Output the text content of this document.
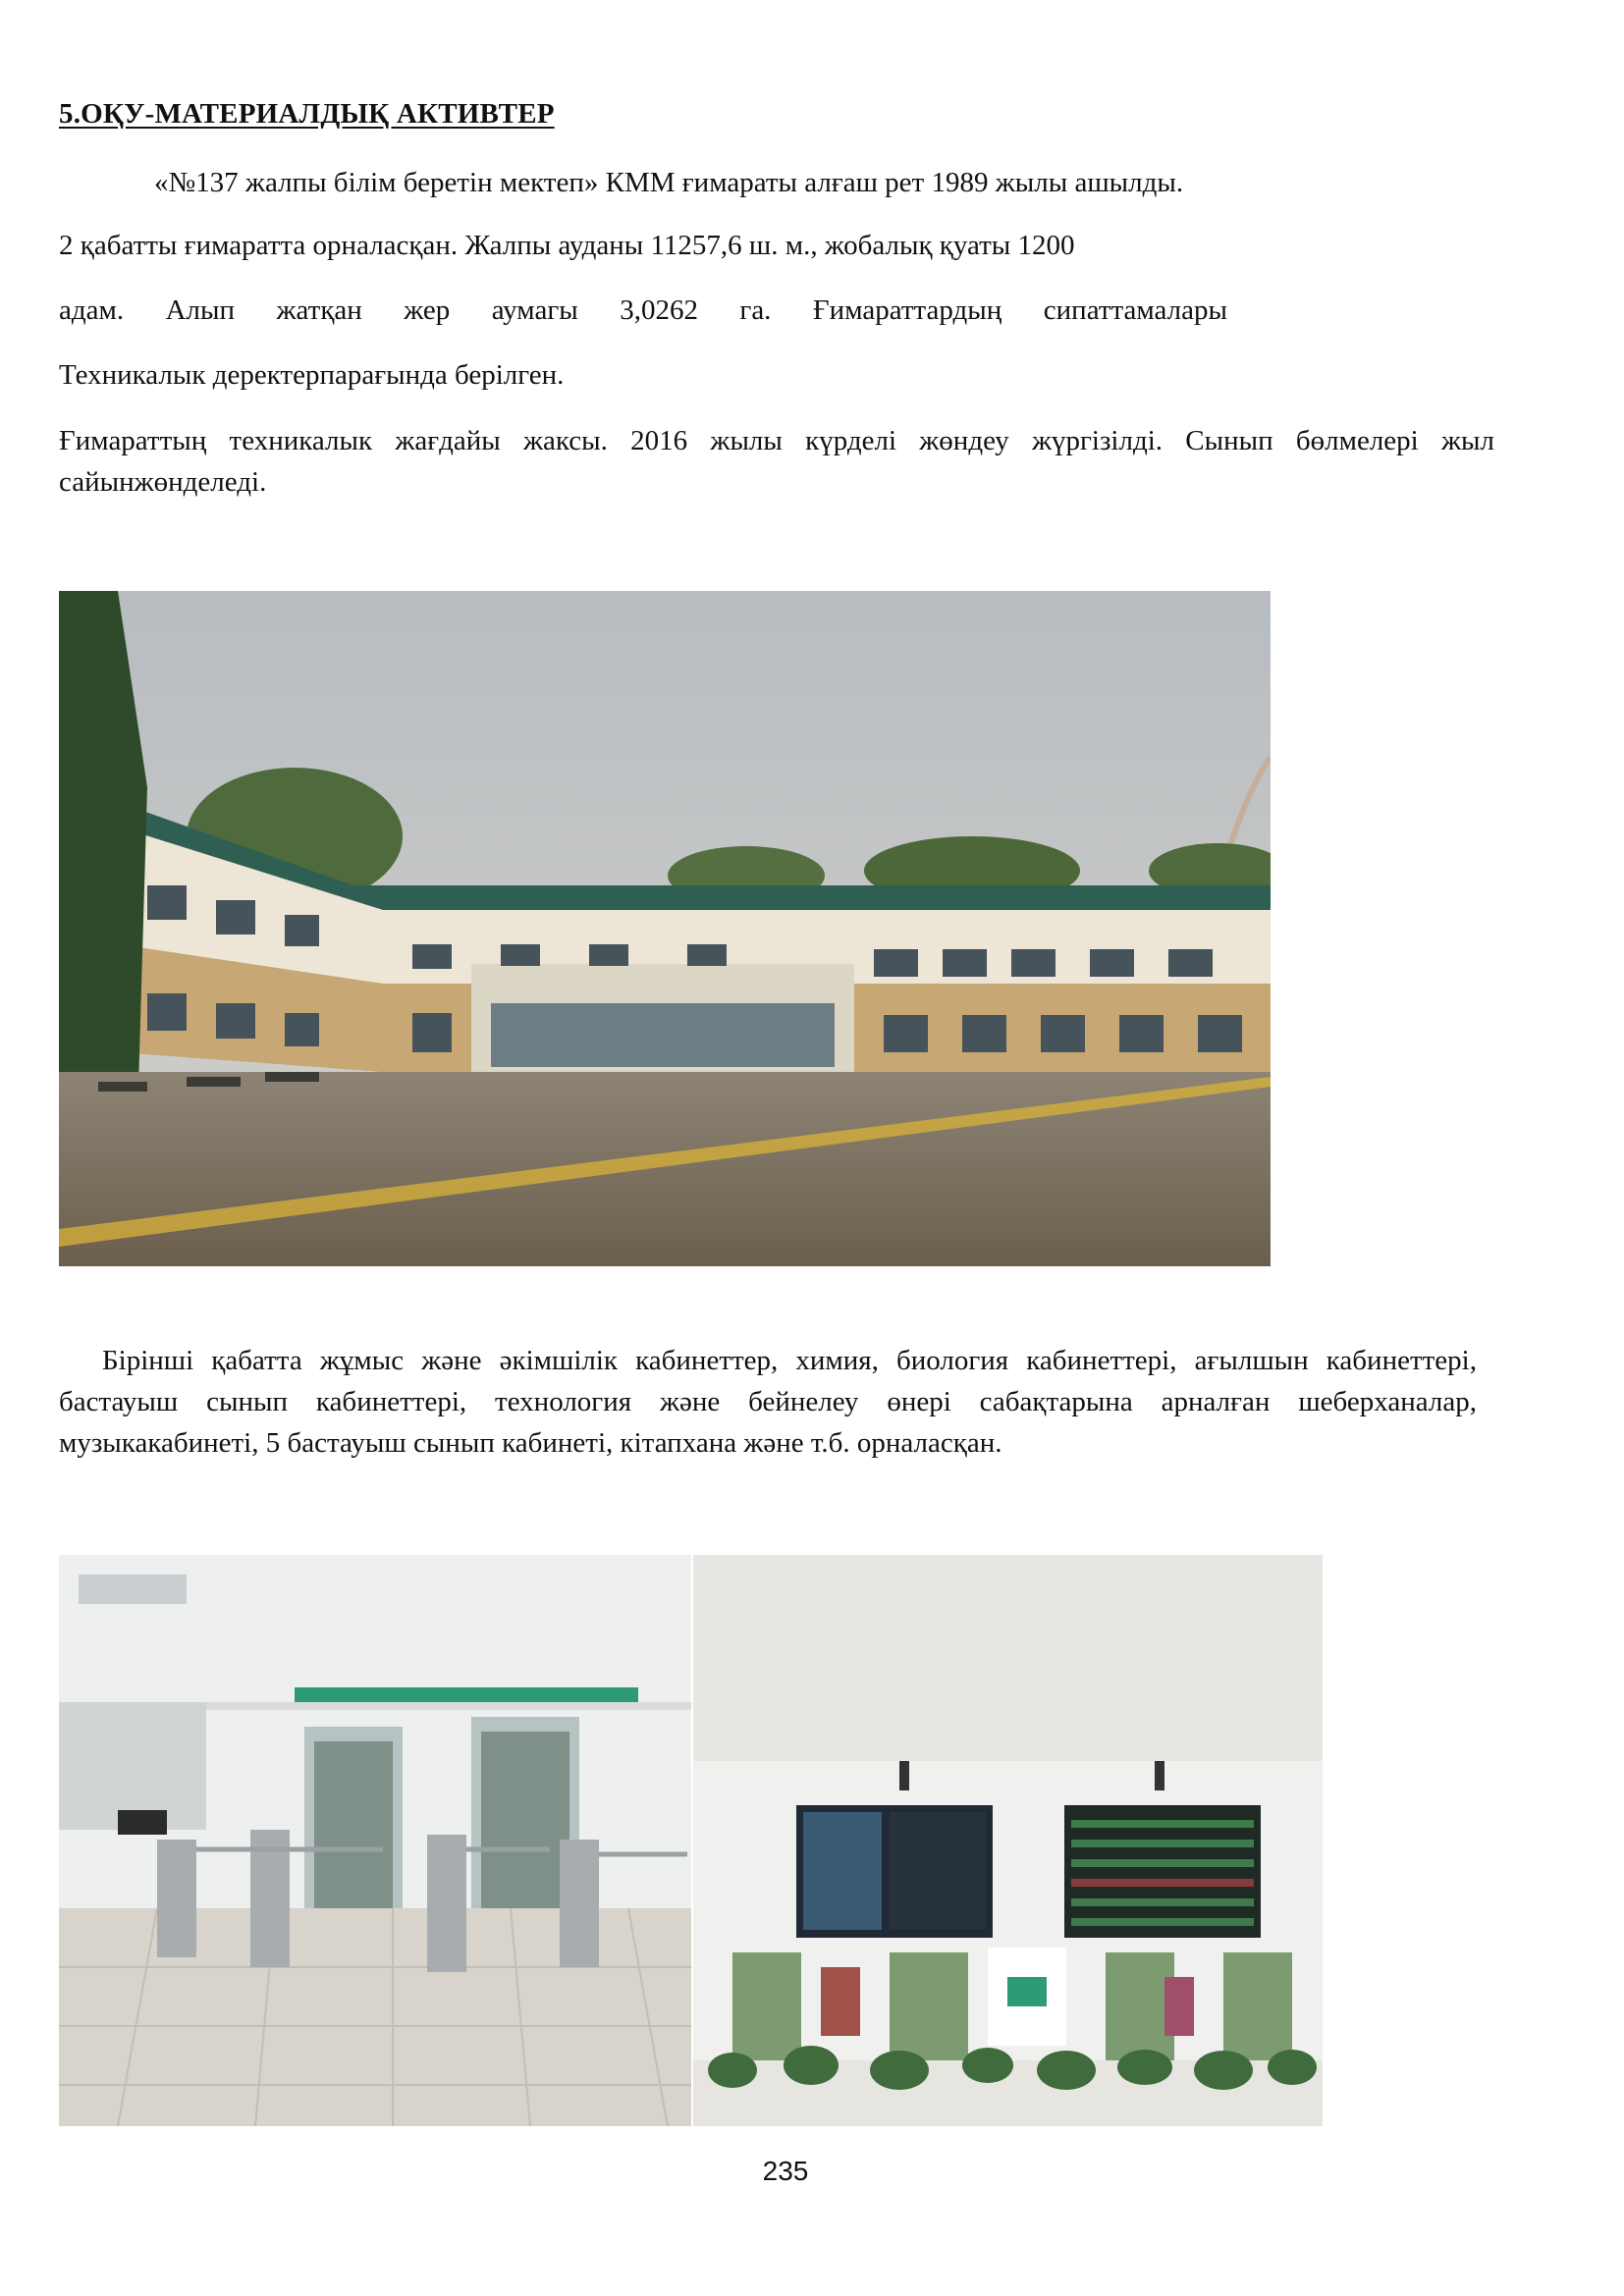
5.ОҚУ-МАТЕРИАЛДЫҚ АКТИВТЕР
«№137 жалпы білім беретін мектеп» КММ ғимараты алғаш рет 1989 жылы ашылды.
2 қабатты ғимаратта орналасқан. Жалпы ауданы 11257,6 ш. м., жобалық қуаты 1200
адам. Алып жатқан жер аумагы 3,0262 га. Ғимараттардың сипаттамалары
Техникалык деректерпарағында берілген.
Ғимараттың техникалык жағдайы жаксы. 2016 жылы күрделі жөндеу жүргізілді. Сынып бөлмелері жыл сайынжөнделеді.
Бірінші қабатта жұмыс және әкімшілік кабинеттер, химия, биология кабинеттері, ағылшын кабинеттері, бастауыш сынып кабинеттері, технология және бейнелеу өнері сабақтарына арналған шеберханалар, музыкакабинеті, 5 бастауыш сынып кабинеті, кітапхана және т.б. орналасқан.
235
